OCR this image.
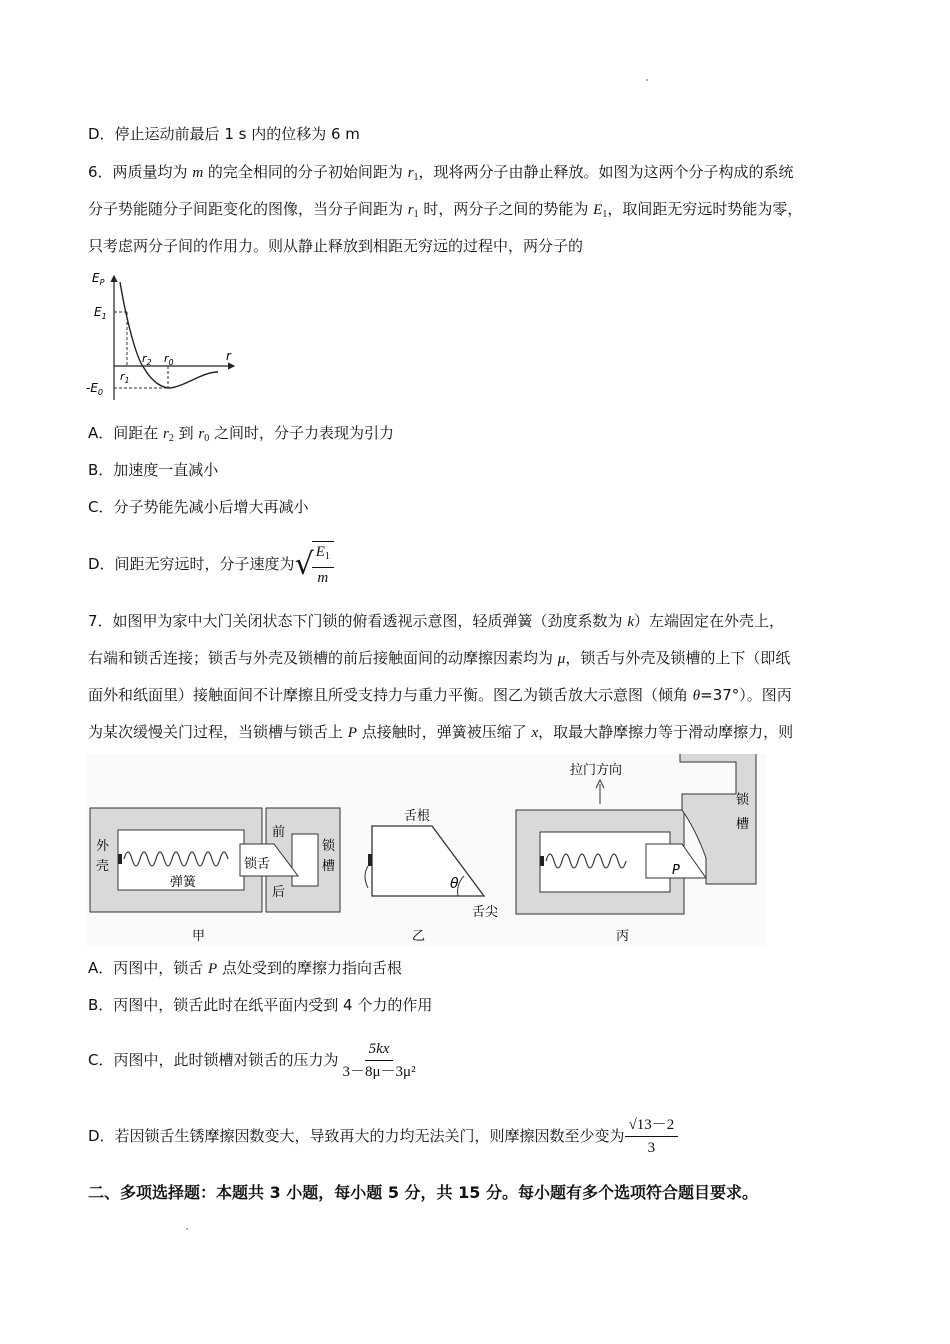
D．停止运动前最后 1 s 内的位移为 6 m
6．两质量均为 m 的完全相同的分子初始间距为 $r_1$，现将两分子由静止释放。如图为这两个分子构成的系统
分子势能随分子间距变化的图像，当分子间距为 $r_1$ 时，两分子之间的势能为 $E_1$，取间距无穷远时势能为零，
只考虑两分子间的作用力。则从静止释放到相距无穷远的过程中，两分子的
$E_P$
$E_1$
$-E_0$
r
$r_1$
$r_2$ $r_0$
A．间距在 $r_2$ 到 $r_0$ 之间时，分子力表现为引力
B．加速度一直减小
C．分子势能先减小后增大再减小
D．间距无穷远时，分子速度为 √
$\frac{E_1}{m}$
7．如图甲为家中大门关闭状态下门锁的俯看透视示意图，轻质弹簧（劲度系数为 k）左端固定在外壳上，
右端和锁舌连接；锁舌与外壳及锁槽的前后接触面间的动摩擦因素均为 μ，锁舌与外壳及锁槽的上下（即纸
面外和纸面里）接触面间不计摩擦且所受支持力与重力平衡。图乙为锁舌放大示意图（倾角 θ=37°）。图丙
为某次缓慢关门过程，当锁槽与锁舌上 P 点接触时，弹簧被压缩了 x，取最大静摩擦力等于滑动摩擦力，则
外
壳
弹簧
锁舌
前
后
锁
槽
甲
舌根
θ
舌尖
乙
拉门方向
锁
槽
P
丙
A．丙图中，锁舌 P 点处受到的摩擦力指向舌根
B．丙图中，锁舌此时在纸平面内受到 4 个力的作用
C．丙图中，此时锁槽对锁舌的压力为 $\frac{5kx}{\text{3－8μ－3μ²}}$
D．若因锁舌生锈摩擦因数变大，导致再大的力均无法关门，则摩擦因数至少变为 $\frac{√13-2}{3}$
二、多项选择题：本题共 3 小题，每小题 5 分，共 15 分。每小题有多个选项符合题目要求。
